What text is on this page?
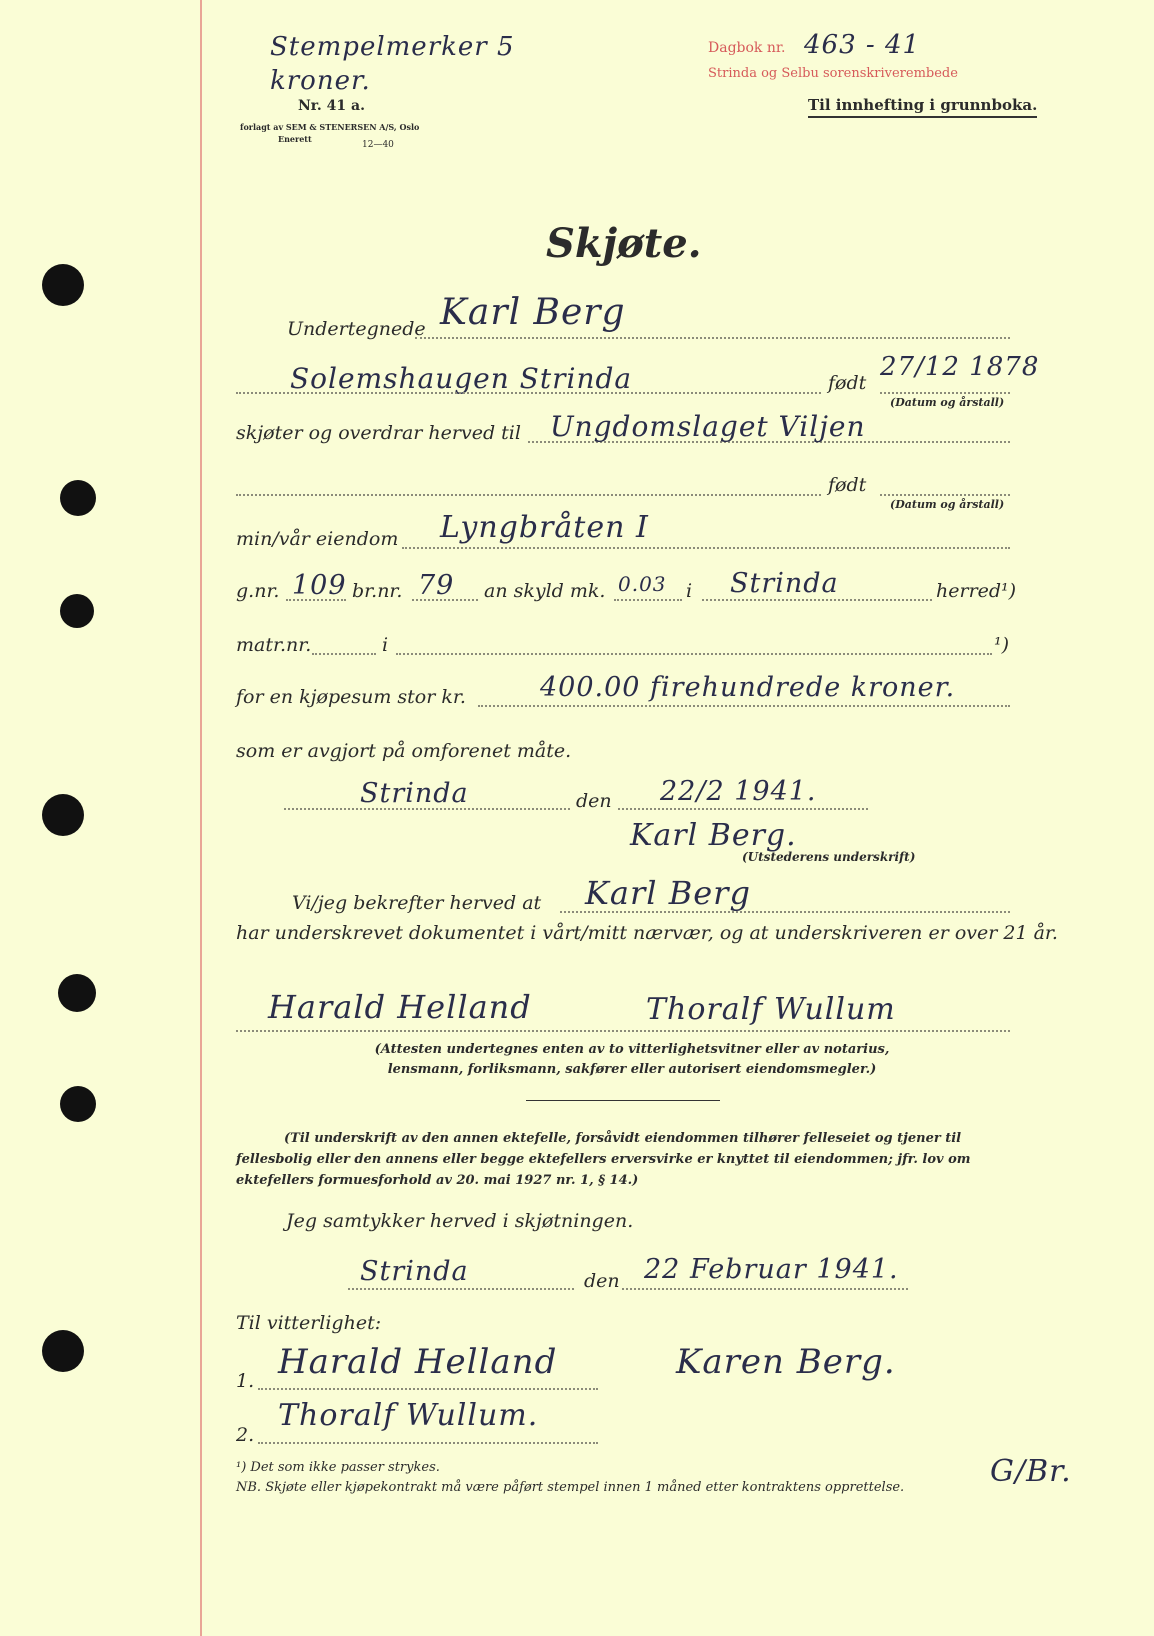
Stempelmerker 5 kroner.
Nr. 41 a.
forlagt av SEM & STENERSEN A/S, Oslo
Enerett
12—40
Dagbok nr. 463 - 41
Strinda og Selbu sorenskriverembede
Til innhefting i grunnboka.
Skjøte.
Undertegnede Karl Berg
Solemshaugen Strinda	født
27/12 1878
(Datum og årstall)
skjøter og overdrar herved til Ungdomslaget Viljen
født
(Datum og årstall)
min/vår eiendom Lyngbråten I
g.nr. 109 br.nr. 79 an skyld mk. 0.03 i Strinda	herred¹)
matr.nr.	i	¹)
for en kjøpesum stor kr.	400.00 firehundrede kroner.
som er avgjort på omforenet måte.
Strinda	den 22/2 1941.
Karl Berg.
(Utstederens underskrift)
Vi/jeg bekrefter herved at Karl Berg
har underskrevet dokumentet i vårt/mitt nærvær, og at underskriveren er over 21 år.
Harald Helland	Thoralf Wullum
(Attesten undertegnes enten av to vitterlighetsvitner eller av notarius, lensmann, forliksmann, sakfører eller autorisert eiendomsmegler.)
(Til underskrift av den annen ektefelle, forsåvidt eiendommen tilhører felleseiet og tjener til fellesbolig eller den annens eller begge ektefellers erversvirke er knyttet til eiendommen; jfr. lov om ektefellers formuesforhold av 20. mai 1927 nr. 1, § 14.)
Jeg samtykker herved i skjøtningen.
Strinda	den 22 Februar 1941.
Til vitterlighet:
1. Harald Helland	Karen Berg.
2.
Thoralf Wullum.
¹) Det som ikke passer strykes.
NB. Skjøte eller kjøpekontrakt må være påført stempel innen 1 måned etter kontraktens opprettelse.	G/Br.
